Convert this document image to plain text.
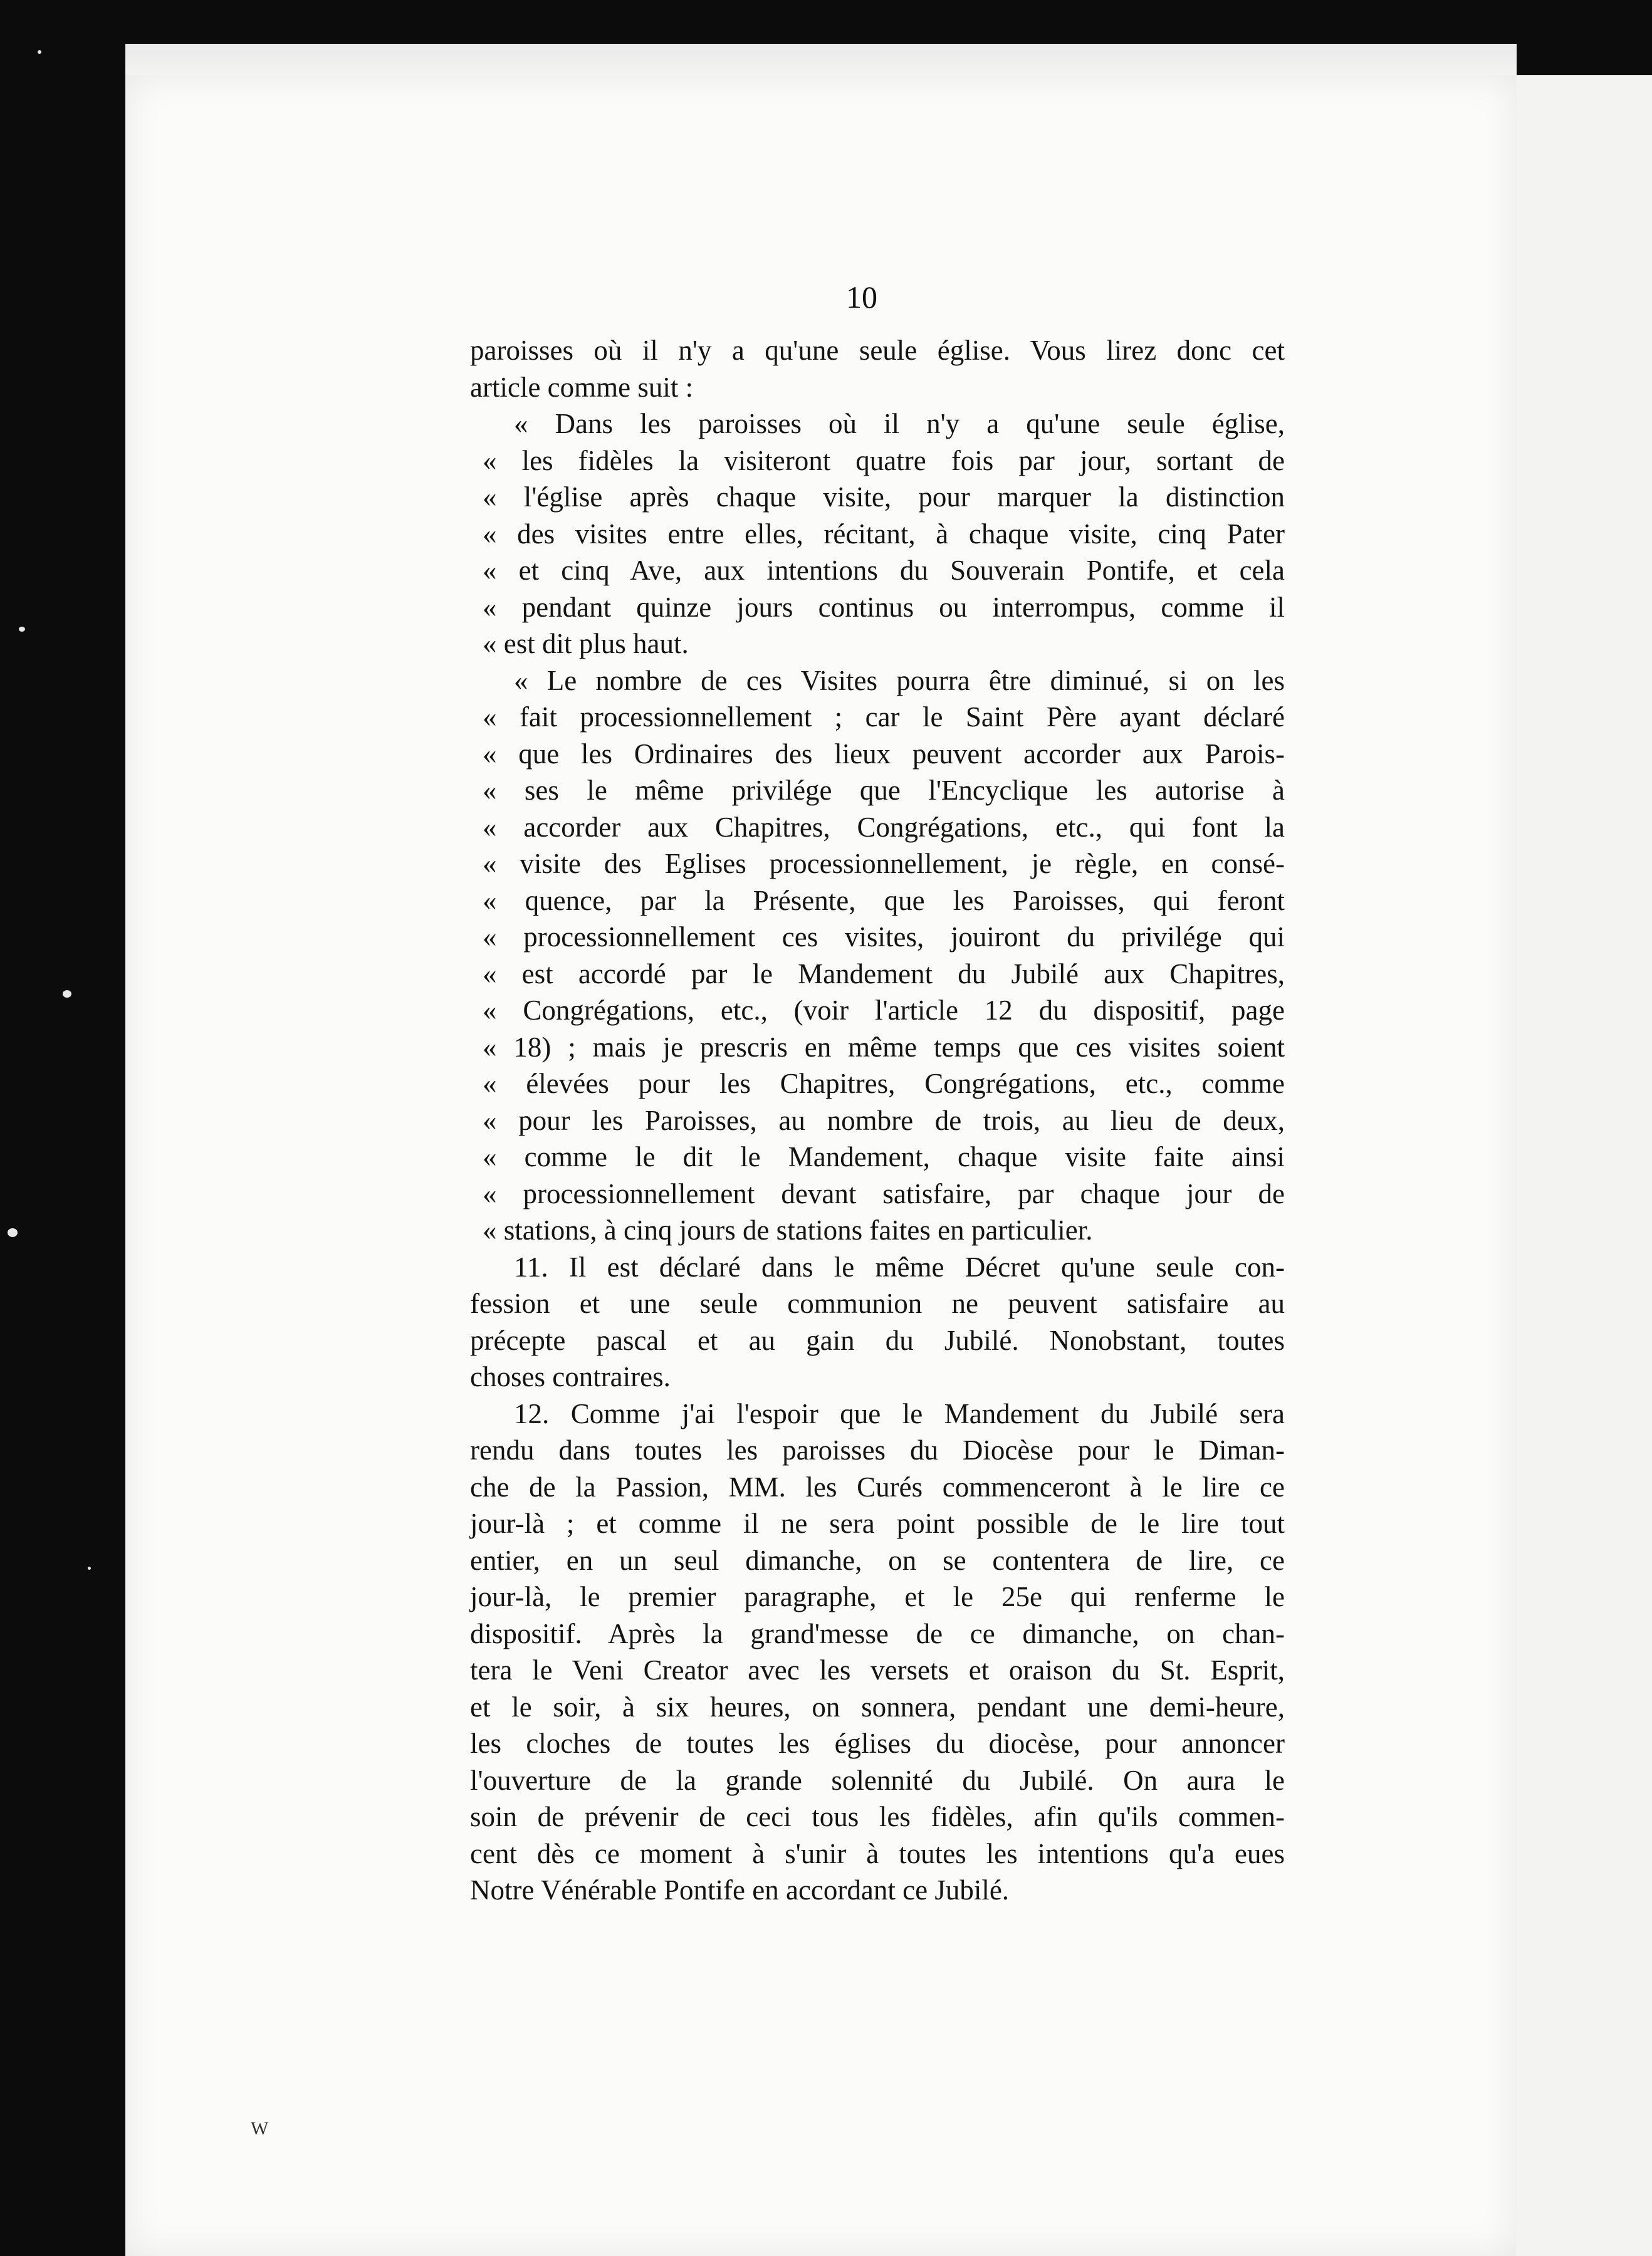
10
paroisses où il n'y a qu'une seule église. Vous lirez donc cet
article comme suit :
« Dans les paroisses où il n'y a qu'une seule église,
« les fidèles la visiteront quatre fois par jour, sortant de
« l'église après chaque visite, pour marquer la distinction
« des visites entre elles, récitant, à chaque visite, cinq Pater
« et cinq Ave, aux intentions du Souverain Pontife, et cela
« pendant quinze jours continus ou interrompus, comme il
« est dit plus haut.
« Le nombre de ces Visites pourra être diminué, si on les
« fait processionnellement ; car le Saint Père ayant déclaré
« que les Ordinaires des lieux peuvent accorder aux Parois-
« ses le même privilége que l'Encyclique les autorise à
« accorder aux Chapitres, Congrégations, etc., qui font la
« visite des Eglises processionnellement, je règle, en consé-
« quence, par la Présente, que les Paroisses, qui feront
« processionnellement ces visites, jouiront du privilége qui
« est accordé par le Mandement du Jubilé aux Chapitres,
« Congrégations, etc., (voir l'article 12 du dispositif, page
« 18) ; mais je prescris en même temps que ces visites soient
« élevées pour les Chapitres, Congrégations, etc., comme
« pour les Paroisses, au nombre de trois, au lieu de deux,
« comme le dit le Mandement, chaque visite faite ainsi
« processionnellement devant satisfaire, par chaque jour de
« stations, à cinq jours de stations faites en particulier.
11. Il est déclaré dans le même Décret qu'une seule con-
fession et une seule communion ne peuvent satisfaire au
précepte pascal et au gain du Jubilé. Nonobstant, toutes
choses contraires.
12. Comme j'ai l'espoir que le Mandement du Jubilé sera
rendu dans toutes les paroisses du Diocèse pour le Diman-
che de la Passion, MM. les Curés commenceront à le lire ce
jour-là ; et comme il ne sera point possible de le lire tout
entier, en un seul dimanche, on se contentera de lire, ce
jour-là, le premier paragraphe, et le 25e qui renferme le
dispositif. Après la grand'messe de ce dimanche, on chan-
tera le Veni Creator avec les versets et oraison du St. Esprit,
et le soir, à six heures, on sonnera, pendant une demi-heure,
les cloches de toutes les églises du diocèse, pour annoncer
l'ouverture de la grande solennité du Jubilé. On aura le
soin de prévenir de ceci tous les fidèles, afin qu'ils commen-
cent dès ce moment à s'unir à toutes les intentions qu'a eues
Notre Vénérable Pontife en accordant ce Jubilé.
W
